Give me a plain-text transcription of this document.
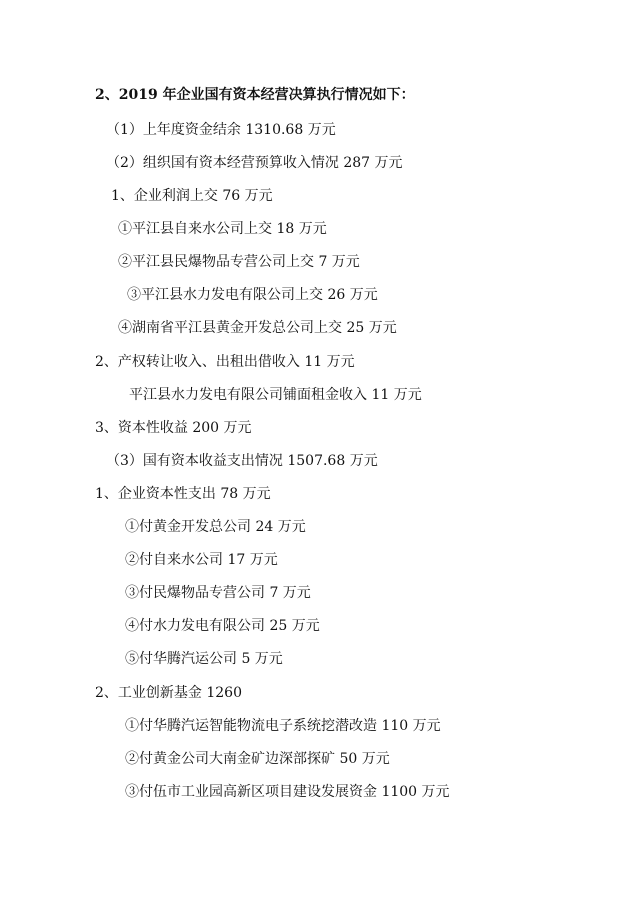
2、2019 年企业国有资本经营决算执行情况如下：
（1）上年度资金结余 1310.68 万元
（2）组织国有资本经营预算收入情况 287 万元
1、企业利润上交 76 万元
①平江县自来水公司上交 18 万元
②平江县民爆物品专营公司上交 7 万元
③平江县水力发电有限公司上交 26 万元
④湖南省平江县黄金开发总公司上交 25 万元
2、产权转让收入、出租出借收入 11 万元
平江县水力发电有限公司铺面租金收入 11 万元
3、资本性收益 200 万元
（3）国有资本收益支出情况 1507.68 万元
1、企业资本性支出 78 万元
①付黄金开发总公司 24 万元
②付自来水公司 17 万元
③付民爆物品专营公司 7 万元
④付水力发电有限公司 25 万元
⑤付华腾汽运公司 5 万元
2、工业创新基金 1260
①付华腾汽运智能物流电子系统挖潜改造 110 万元
②付黄金公司大南金矿边深部探矿 50 万元
③付伍市工业园高新区项目建设发展资金 1100 万元
